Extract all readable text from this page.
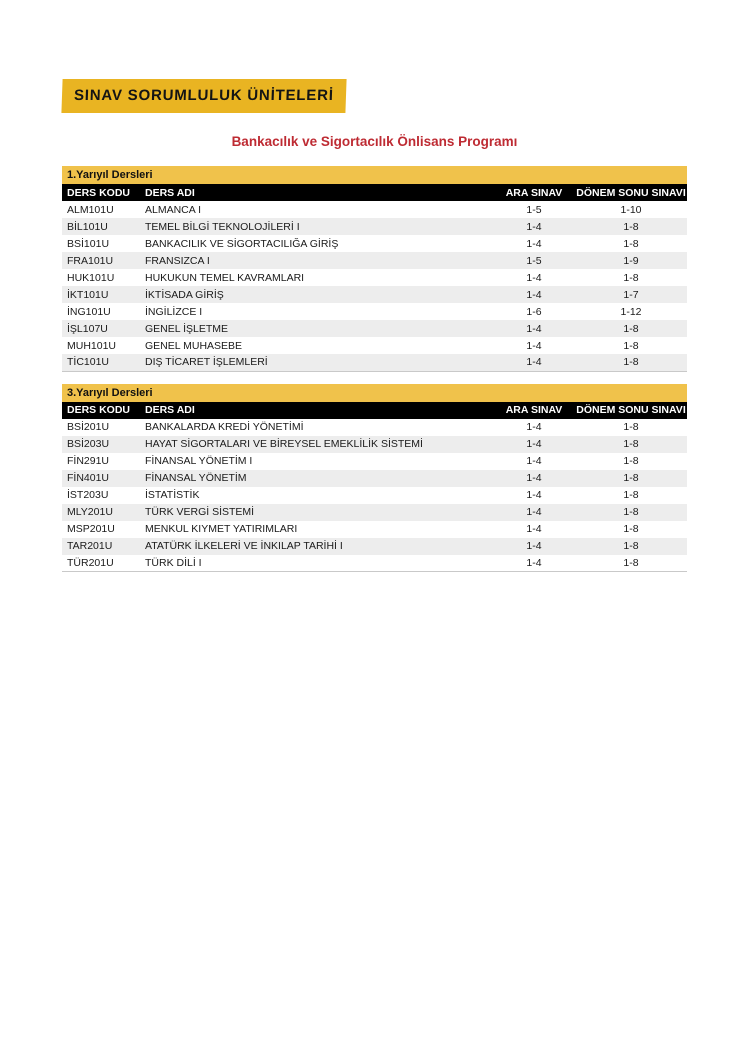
SINAV SORUMLULUK ÜNİTELERİ
Bankacılık ve Sigortacılık Önlisans Programı
1.Yarıyıl Dersleri
DERS KODU	DERS ADI	ARA SINAV	DÖNEM SONU SINAVI
ALM101U	ALMANCA I	1-5	1-10
BİL101U	TEMEL BİLGİ TEKNOLOJİLERİ I	1-4	1-8
BSİ101U	BANKACILIK VE SİGORTACILIĞA GİRİŞ	1-4	1-8
FRA101U	FRANSIZCA I	1-5	1-9
HUK101U	HUKUKUN TEMEL KAVRAMLARI	1-4	1-8
İKT101U	İKTİSADA GİRİŞ	1-4	1-7
İNG101U	İNGİLİZCE I	1-6	1-12
İŞL107U	GENEL İŞLETME	1-4	1-8
MUH101U	GENEL MUHASEBE	1-4	1-8
TİC101U	DIŞ TİCARET İŞLEMLERİ	1-4	1-8
3.Yarıyıl Dersleri
DERS KODU	DERS ADI	ARA SINAV	DÖNEM SONU SINAVI
BSİ201U	BANKALARDA KREDİ YÖNETİMİ	1-4	1-8
BSİ203U	HAYAT SİGORTALARI VE BİREYSEL EMEKLİLİK SİSTEMİ	1-4	1-8
FİN291U	FİNANSAL YÖNETİM I	1-4	1-8
FİN401U	FİNANSAL YÖNETİM	1-4	1-8
İST203U	İSTATİSTİK	1-4	1-8
MLY201U	TÜRK VERGİ SİSTEMİ	1-4	1-8
MSP201U	MENKUL KIYMET YATIRIMLARI	1-4	1-8
TAR201U	ATATÜRK İLKELERİ VE İNKILAP TARİHİ I	1-4	1-8
TÜR201U	TÜRK DİLİ I	1-4	1-8
